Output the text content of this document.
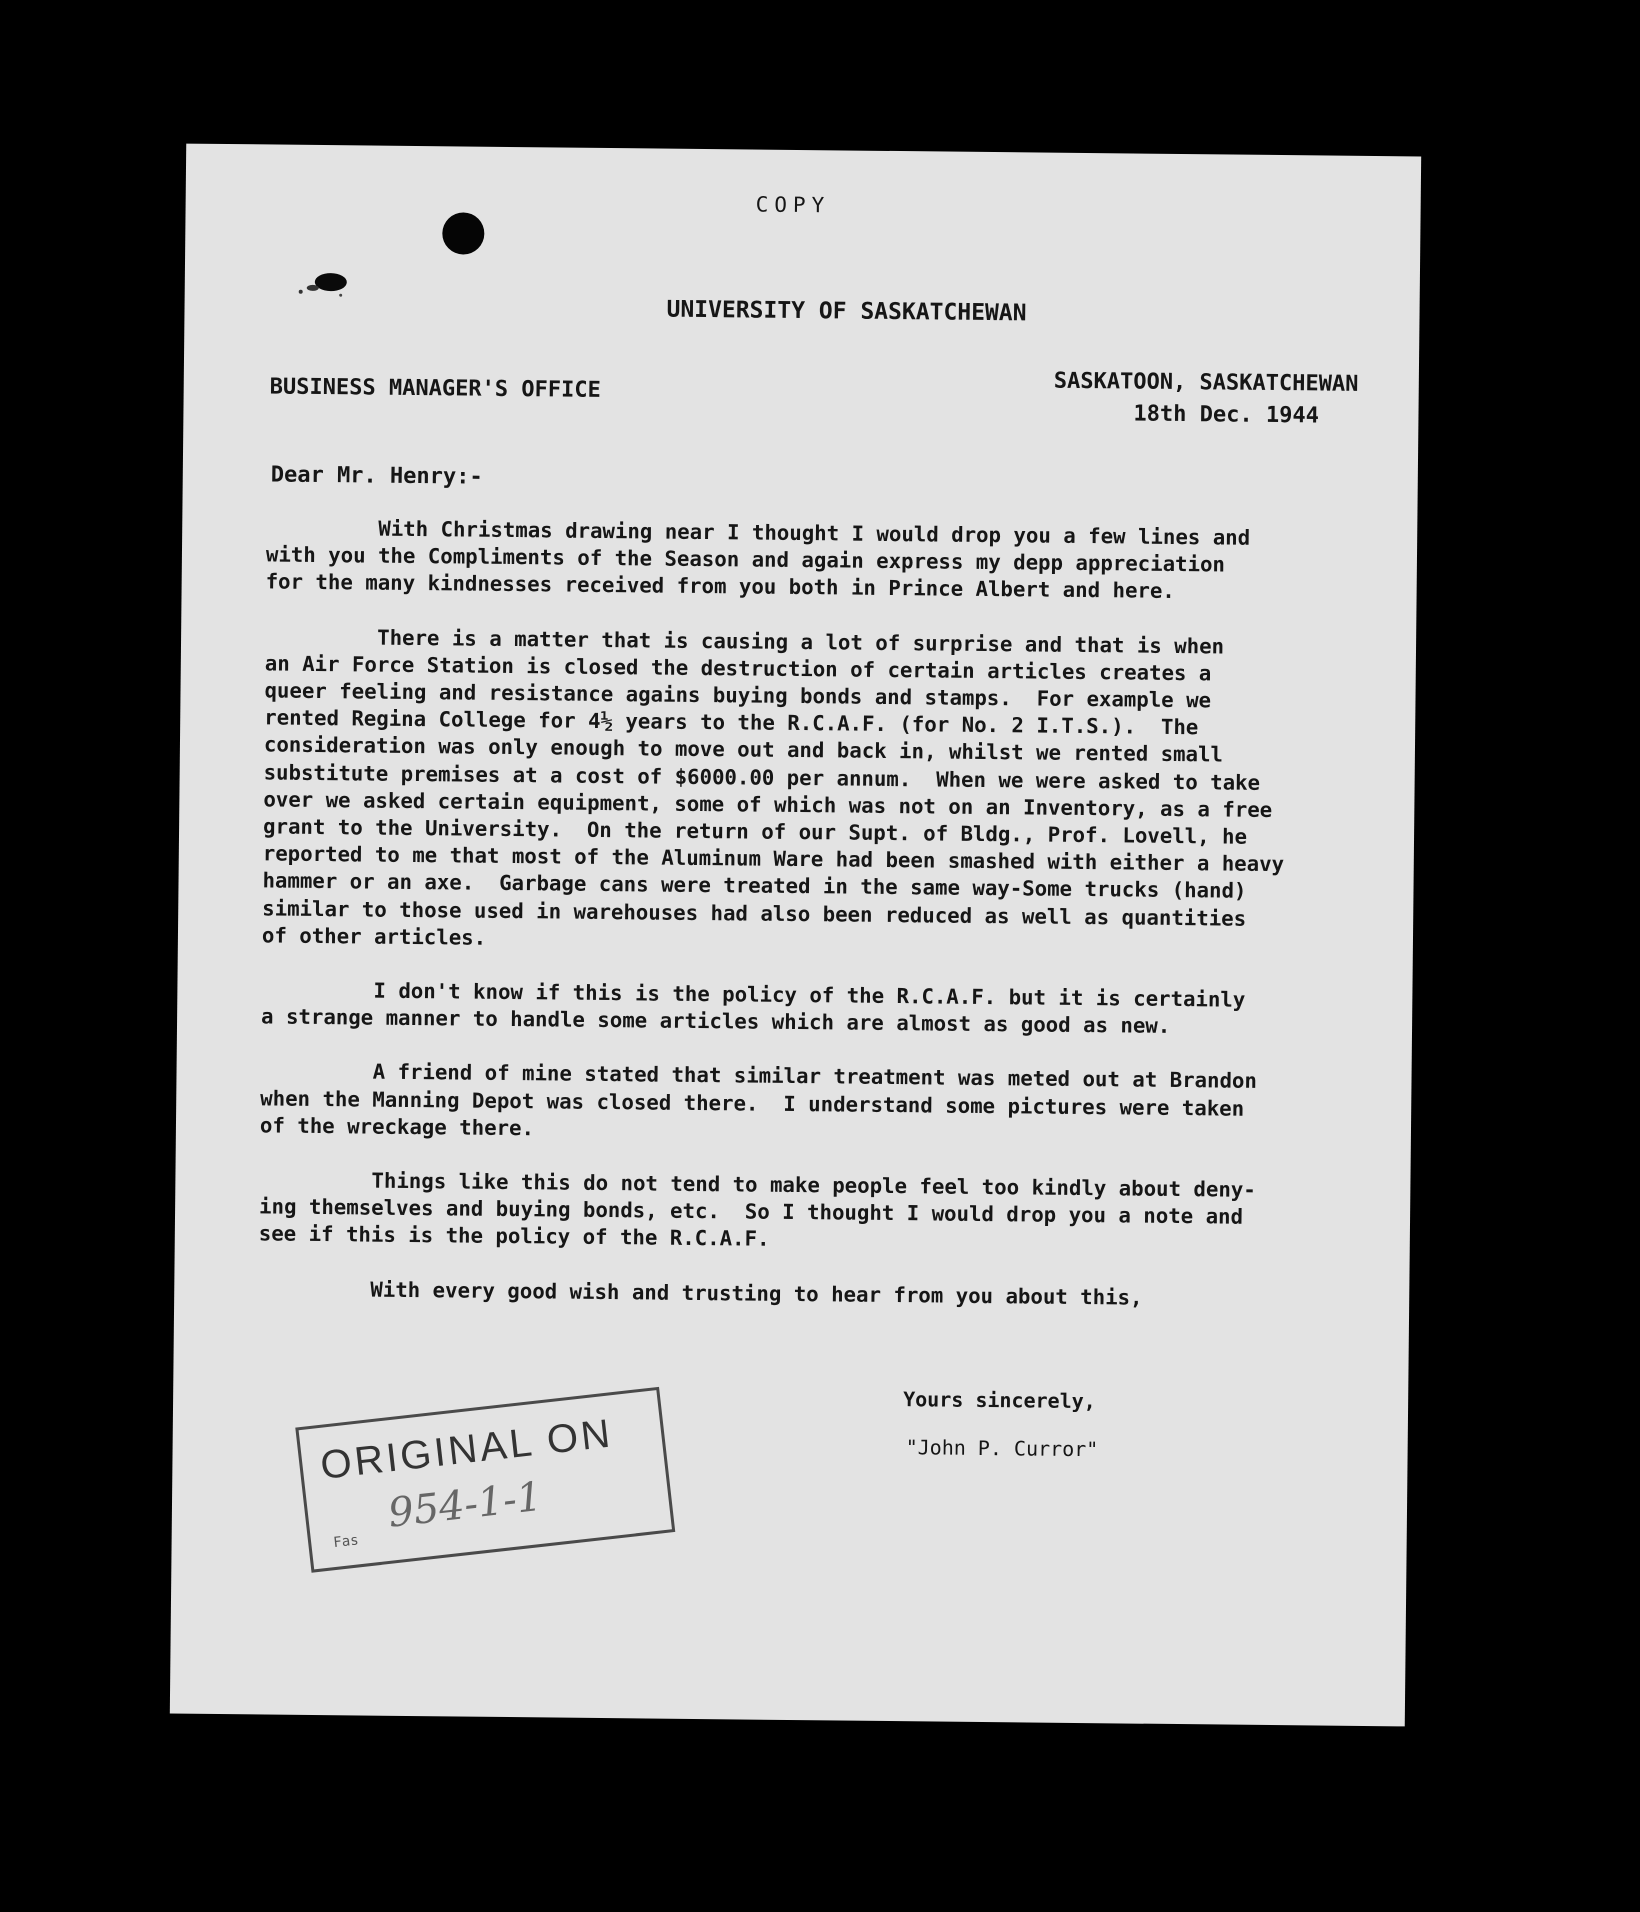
COPY
UNIVERSITY OF SASKATCHEWAN
BUSINESS MANAGER'S OFFICE	SASKATOON, SASKATCHEWAN
18th Dec. 1944
Dear Mr. Henry:-

With Christmas drawing near I thought I would drop you a few lines and
with you the Compliments of the Season and again express my depp appreciation
for the many kindnesses received from you both in Prince Albert and here.

There is a matter that is causing a lot of surprise and that is when
an Air Force Station is closed the destruction of certain articles creates a
queer feeling and resistance agains buying bonds and stamps.  For example we
rented Regina College for 4½ years to the R.C.A.F. (for No. 2 I.T.S.).  The
consideration was only enough to move out and back in, whilst we rented small
substitute premises at a cost of $6000.00 per annum.  When we were asked to take
over we asked certain equipment, some of which was not on an Inventory, as a free
grant to the University.  On the return of our Supt. of Bldg., Prof. Lovell, he
reported to me that most of the Aluminum Ware had been smashed with either a heavy
hammer or an axe.  Garbage cans were treated in the same way-Some trucks (hand)
similar to those used in warehouses had also been reduced as well as quantities
of other articles.

I don't know if this is the policy of the R.C.A.F. but it is certainly
a strange manner to handle some articles which are almost as good as new.

A friend of mine stated that similar treatment was meted out at Brandon
when the Manning Depot was closed there.  I understand some pictures were taken
of the wreckage there.

Things like this do not tend to make people feel too kindly about deny-
ing themselves and buying bonds, etc.  So I thought I would drop you a note and
see if this is the policy of the R.C.A.F.

With every good wish and trusting to hear from you about this,

Yours sincerely,
"John P. Curror"
ORIGINAL ON
954-1-1
Fas
